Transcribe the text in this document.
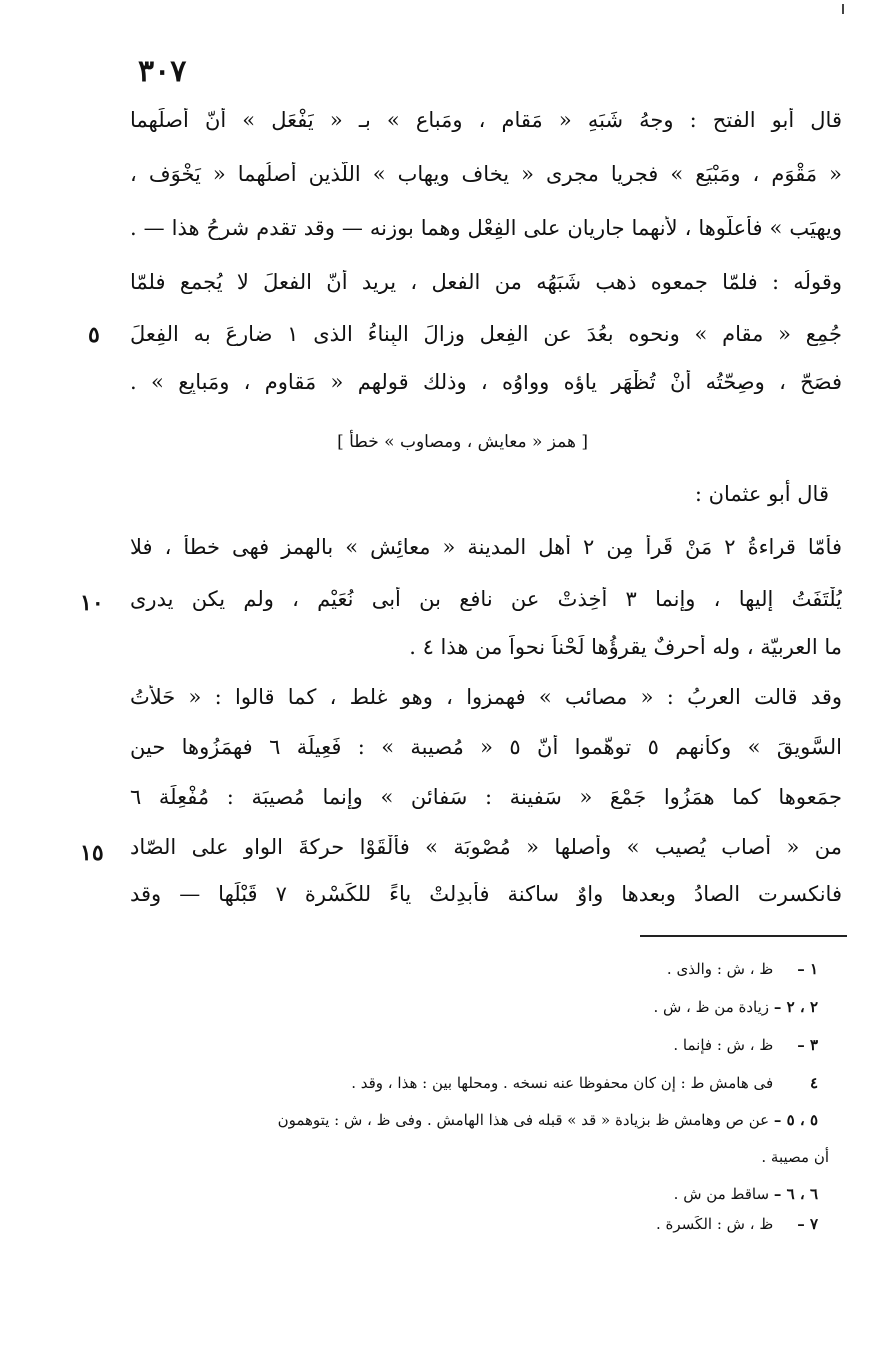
٣٠٧
قال أبو الفتح : وجهُ شَبَهِ « مَقام ، ومَباع » بـ « يَفْعَل » أنّ أصلَهما
« مَقْوَم ، ومَبْيَع » فجريا مجرى « يخاف ويهاب » اللّذين أصلُهما « يَخْوَف ،
ويهيَب » فأعلّوها ، لأنهما جاريان على الفِعْل وهما بوزنه — وقد تقدم شرحُ هذا — .
وقولُه : فلمّا جمعوه ذهب شَبَهُه من الفعل ، يريد أنّ الفعلَ لا يُجمع فلمّا
جُمِع « مقام » ونحوه بعُدَ عن الفِعل وزالَ البِناءُ الذى ١ ضارعَ به الفِعلَ
فصَحّ ، وصِحّتُه أنْ تُظْهَر ياؤه وواوُه ، وذلك قولهم « مَقاوِم ، ومَبايِع » .
٥
[ همز « معايش ، ومصاوب » خطأ ]
قال أبو عثمان :
فأمّا قراءةُ ٢ مَنْ قَرأ مِن ٢ أهل المدينة « معائِش » بالهمز فهى خطأٌ ، فلا
يُلْتَفَتُ إليها ، وإنما ٣ أُخِذتْ عن نافع بن أبى نُعَيْم ، ولم يكن يدرى
ما العربيّة ، وله أحرفٌ يقرؤُها لَحْناً نحواً من هذا ٤ .
١٠
وقد قالت العربُ : « مصائب » فهمزوا ، وهو غلط ، كما قالوا : « حَلأَتُ
السَّويقَ » وكأنهم ٥ توهّموا أنّ ٥ « مُصيبة » : فَعِيلَة ٦ فهمَزُوها حين
جمَعوها كما همَزُوا جَمْعَ « سَفينة : سَفائن » وإنما مُصيبَة : مُفْعِلَة ٦
من « أصاب يُصيب » وأصلها « مُصْوِبَة » فألْقَوْا حركةَ الواو على الصّاد
فانكسرت الصادُ وبعدها واوٌ ساكنة فأُبدِلتْ ياءً للكَسْرة ٧ قَبْلَها — وقد
١٥
١ – ظ ، ش : والذى .
٢ ، ٢ – زيادة من ظ ، ش .
٣ – ظ ، ش : فإنما .
٤ فى هامش ط : إن كان محفوظا عنه نسخه . ومحلها بين : هذا ، وقد .
٥ ، ٥ – عن ص وهامش ظ بزيادة « قد » قبله فى هذا الهامش . وفى ظ ، ش : يتوهمون
أن مصيبة .
٦ ، ٦ – ساقط من ش .
٧ – ظ ، ش : الكَسرة .
